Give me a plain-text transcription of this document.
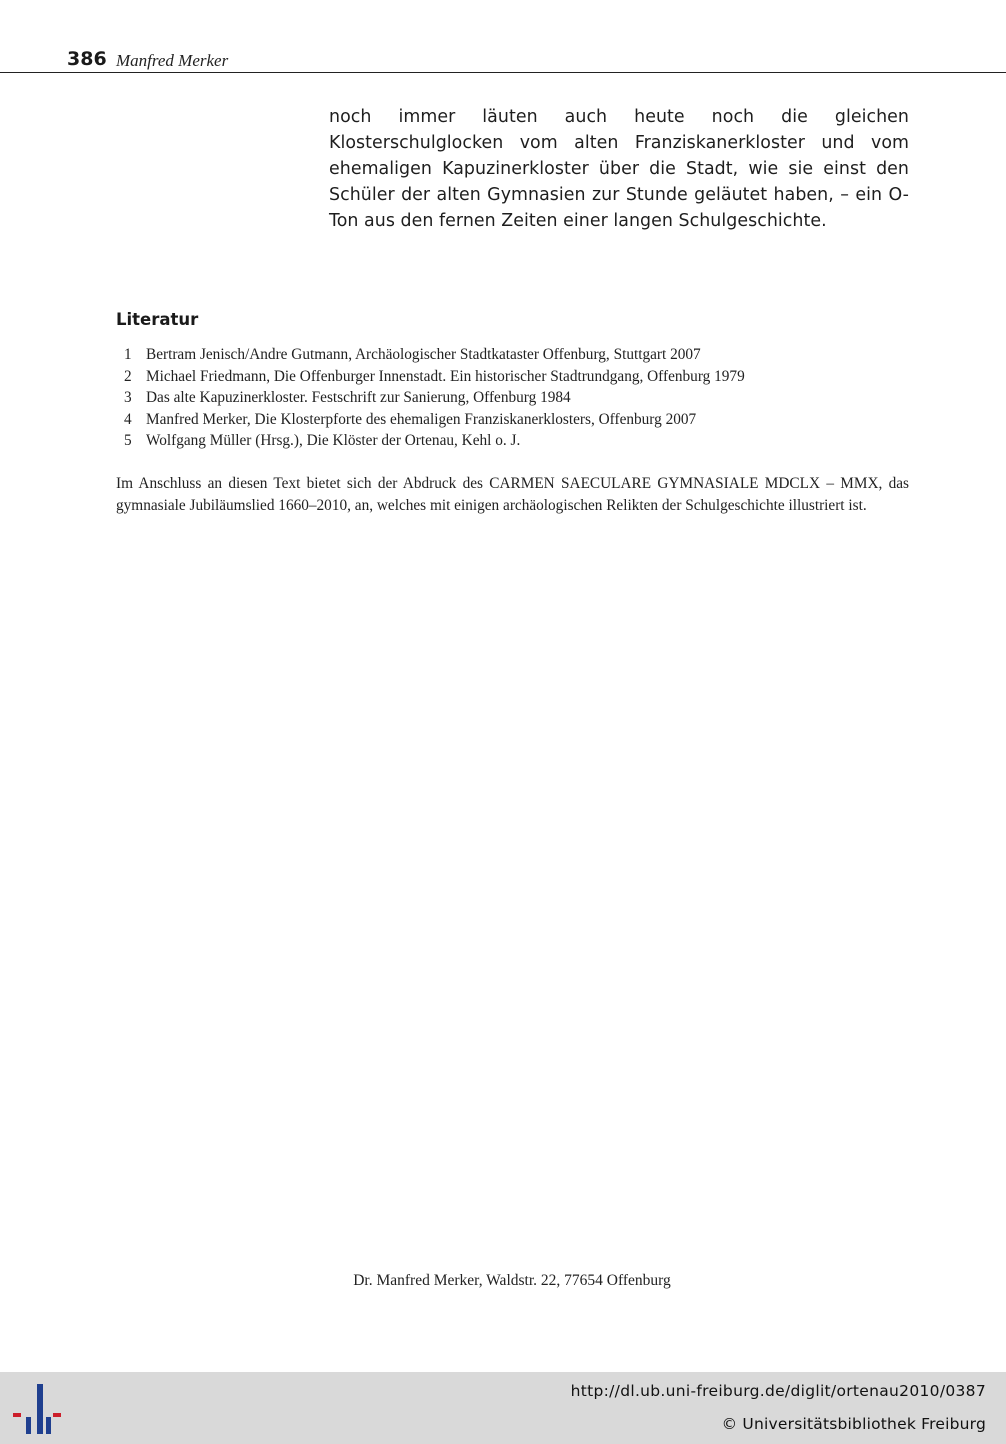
386 Manfred Merker

noch immer läuten auch heute noch die gleichen Klosterschulglocken vom alten Franziskanerkloster und vom ehemaligen Kapuzinerkloster über die Stadt, wie sie einst den Schüler der alten Gymnasien zur Stunde geläutet haben, – ein O-Ton aus den fernen Zeiten einer langen Schulgeschichte.

Literatur
1 Bertram Jenisch/Andre Gutmann, Archäologischer Stadtkataster Offenburg, Stuttgart 2007
2 Michael Friedmann, Die Offenburger Innenstadt. Ein historischer Stadtrundgang, Offenburg 1979
3 Das alte Kapuzinerkloster. Festschrift zur Sanierung, Offenburg 1984
4 Manfred Merker, Die Klosterpforte des ehemaligen Franziskanerklosters, Offenburg 2007
5 Wolfgang Müller (Hrsg.), Die Klöster der Ortenau, Kehl o. J.

Im Anschluss an diesen Text bietet sich der Abdruck des CARMEN SAECULARE GYMNASIALE MDCLX – MMX, das gymnasiale Jubiläumslied 1660–2010, an, welches mit einigen archäologischen Relikten der Schulgeschichte illustriert ist.

Dr. Manfred Merker, Waldstr. 22, 77654 Offenburg
http://dl.ub.uni-freiburg.de/diglit/ortenau2010/0387
© Universitätsbibliothek Freiburg
